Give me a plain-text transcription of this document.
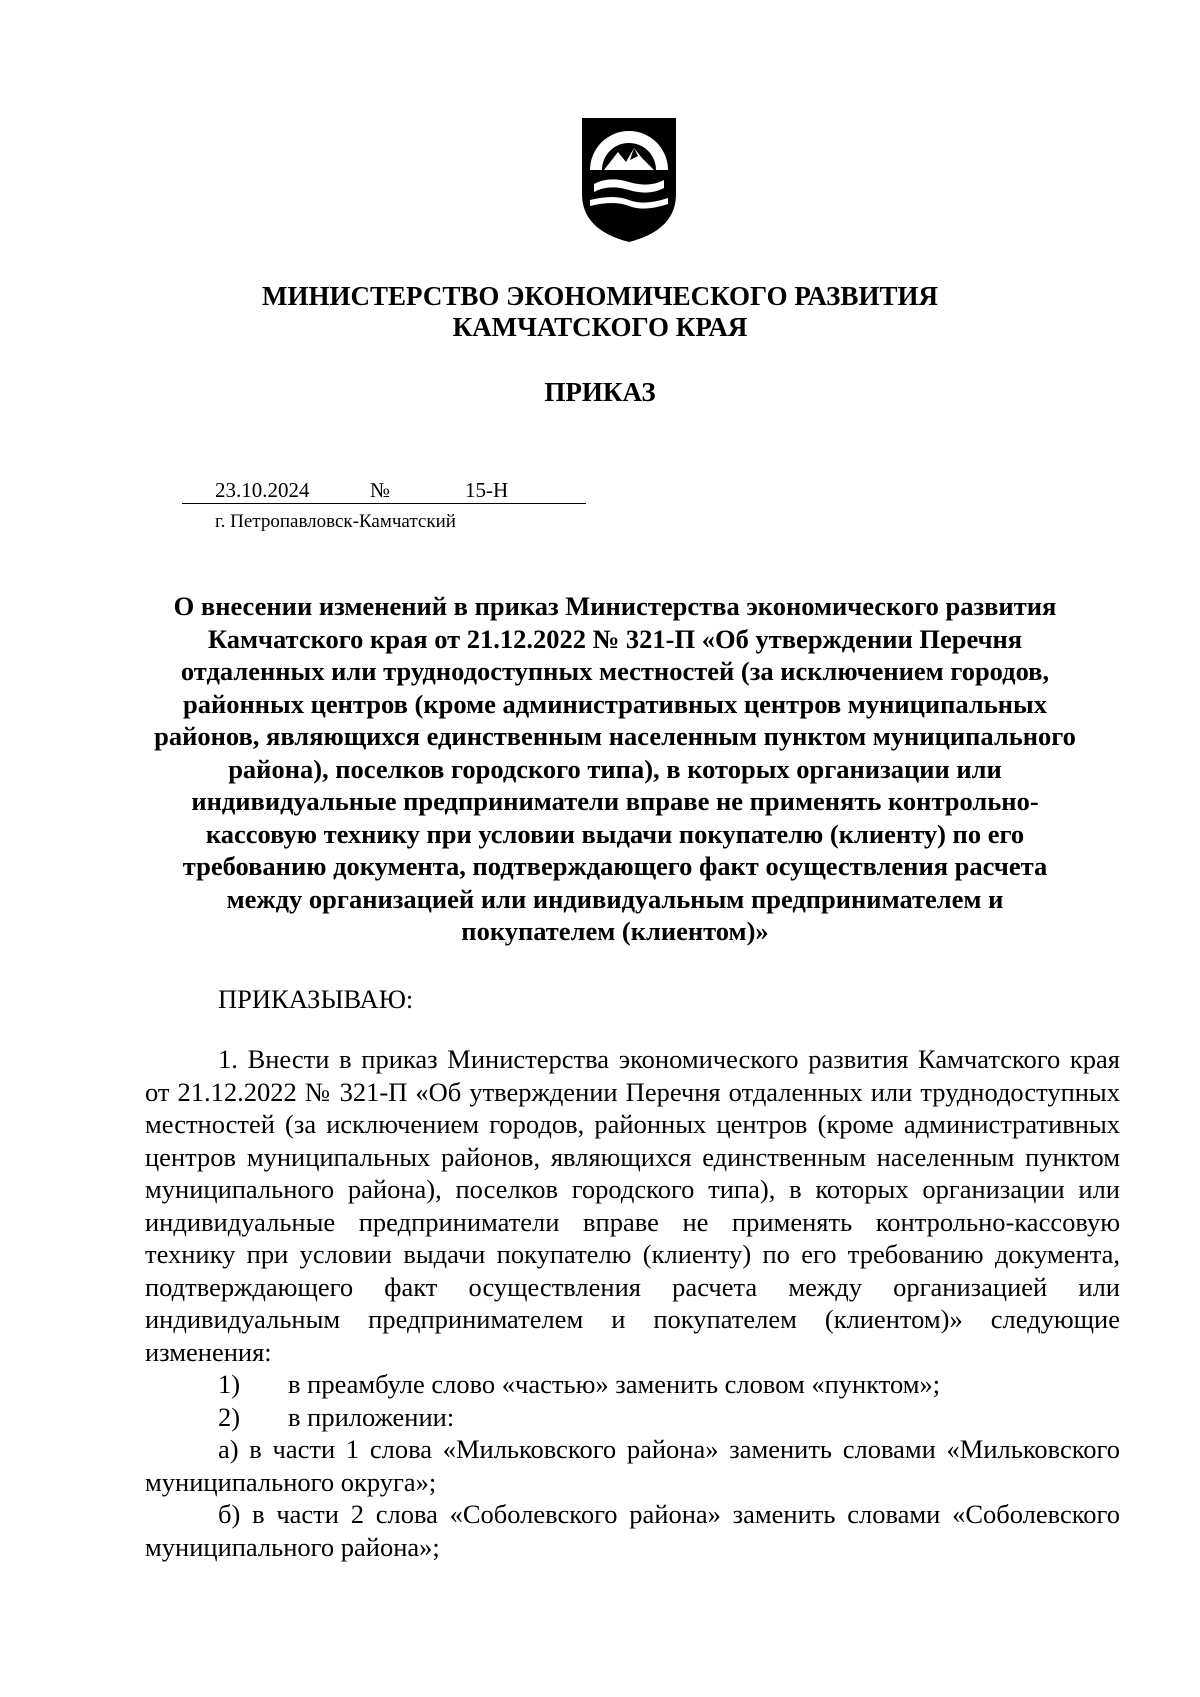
МИНИСТЕРСТВО ЭКОНОМИЧЕСКОГО РАЗВИТИЯ
КАМЧАТСКОГО КРАЯ
ПРИКАЗ
23.10.2024	№	15-Н
г. Петропавловск-Камчатский
О внесении изменений в приказ Министерства экономического развития Камчатского края от 21.12.2022 № 321-П «Об утверждении Перечня отдаленных или труднодоступных местностей (за исключением городов, районных центров (кроме административных центров муниципальных районов, являющихся единственным населенным пунктом муниципального района), поселков городского типа), в которых организации или индивидуальные предприниматели вправе не применять контрольно-кассовую технику при условии выдачи покупателю (клиенту) по его требованию документа, подтверждающего факт осуществления расчета между организацией или индивидуальным предпринимателем и покупателем (клиентом)»
ПРИКАЗЫВАЮ:

1. Внести в приказ Министерства экономического развития Камчатского края от 21.12.2022 № 321-П «Об утверждении Перечня отдаленных или труднодоступных местностей (за исключением городов, районных центров (кроме административных центров муниципальных районов, являющихся единственным населенным пунктом муниципального района), поселков городского типа), в которых организации или индивидуальные предприниматели вправе не применять контрольно-кассовую технику при условии выдачи покупателю (клиенту) по его требованию документа, подтверждающего факт осуществления расчета между организацией или индивидуальным предпринимателем и покупателем (клиентом)» следующие изменения:

1) в преамбуле слово «частью» заменить словом «пунктом»;

2) в приложении:

а) в части 1 слова «Мильковского района» заменить словами «Мильковского муниципального округа»;

б) в части 2 слова «Соболевского района» заменить словами «Соболевского муниципального района»;
